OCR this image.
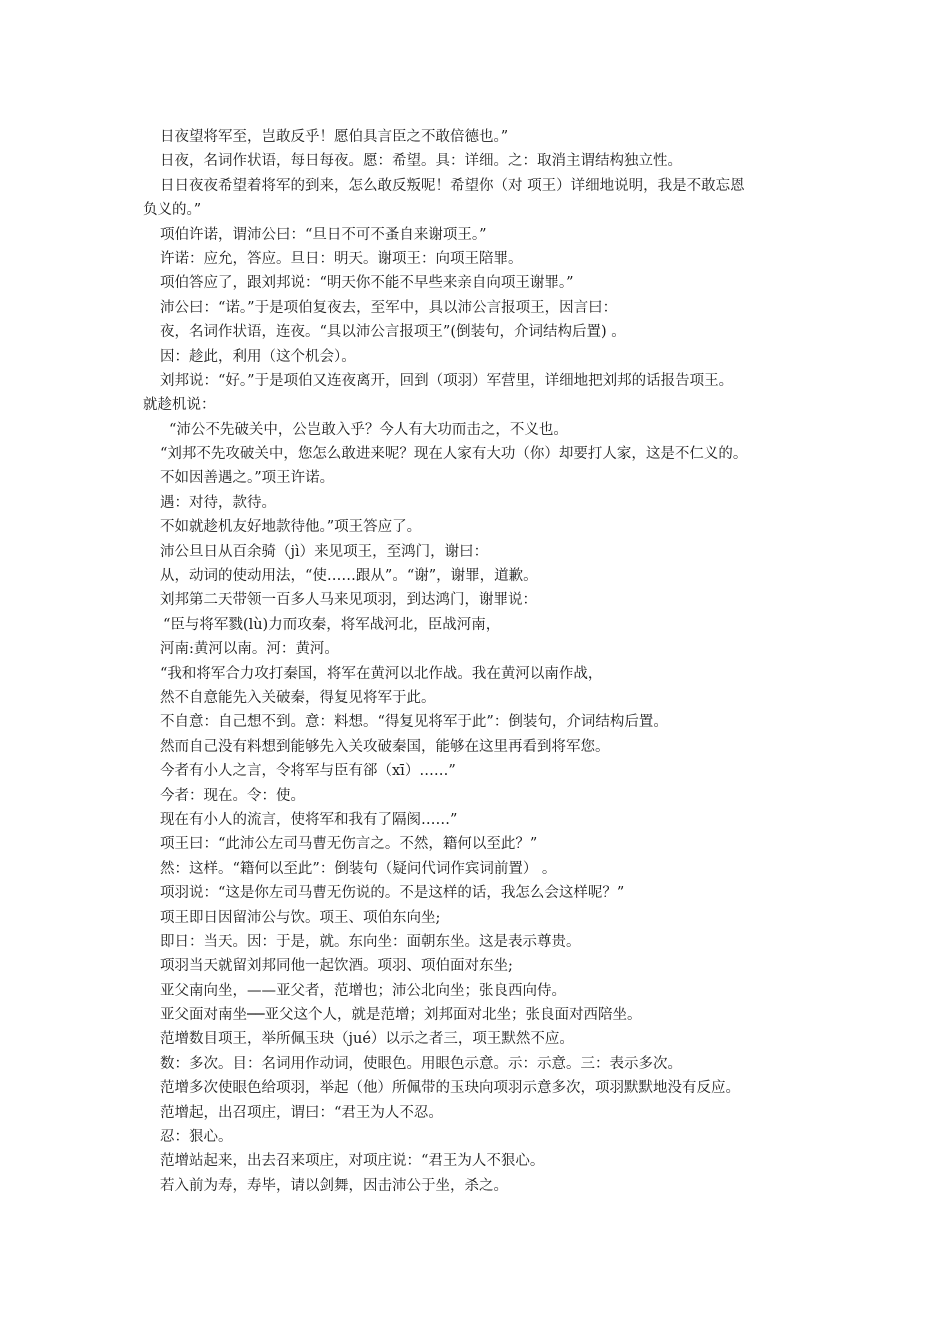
日夜望将军至，岂敢反乎！愿伯具言臣之不敢倍德也。”
日夜，名词作状语，每日每夜。愿：希望。具：详细。之：取消主谓结构独立性。
日日夜夜希望着将军的到来，怎么敢反叛呢！希望你（对 项王）详细地说明，我是不敢忘恩
负义的。”
项伯许诺，谓沛公曰：“旦日不可不蚤自来谢项王。”
许诺：应允，答应。旦日：明天。谢项王：向项王陪罪。
项伯答应了，跟刘邦说：“明天你不能不早些来亲自向项王谢罪。”
沛公曰：“诺。”于是项伯复夜去，至军中，具以沛公言报项王，因言曰：
夜，名词作状语，连夜。“具以沛公言报项王”(倒装句，介词结构后置) 。
因：趁此，利用（这个机会）。
刘邦说：“好。”于是项伯又连夜离开，回到（项羽）军营里，详细地把刘邦的话报告项王。
就趁机说：
“沛公不先破关中，公岂敢入乎？今人有大功而击之，不义也。
“刘邦不先攻破关中，您怎么敢进来呢？现在人家有大功（你）却要打人家，这是不仁义的。
不如因善遇之。”项王许诺。
遇：对待，款待。
不如就趁机友好地款待他。”项王答应了。
沛公旦日从百余骑（jì）来见项王，至鸿门，谢曰：
从，动词的使动用法，“使……跟从”。“谢”，谢罪，道歉。
刘邦第二天带领一百多人马来见项羽，到达鸿门，谢罪说：
“臣与将军戮(lù)力而攻秦，将军战河北，臣战河南，
河南:黄河以南。河：黄河。
“我和将军合力攻打秦国，将军在黄河以北作战。我在黄河以南作战，
然不自意能先入关破秦，得复见将军于此。
不自意：自己想不到。意：料想。“得复见将军于此”：倒装句，介词结构后置。
然而自己没有料想到能够先入关攻破秦国，能够在这里再看到将军您。
今者有小人之言，令将军与臣有郤（xī）……”
今者：现在。令：使。
现在有小人的流言，使将军和我有了隔阂……”
项王曰：“此沛公左司马曹无伤言之。不然，籍何以至此？”
然：这样。“籍何以至此”：倒装句（疑问代词作宾词前置） 。
项羽说：“这是你左司马曹无伤说的。不是这样的话，我怎么会这样呢？”
项王即日因留沛公与饮。项王、项伯东向坐;
即日：当天。因：于是，就。东向坐：面朝东坐。这是表示尊贵。
项羽当天就留刘邦同他一起饮酒。项羽、项伯面对东坐;
亚父南向坐，——亚父者，范增也；沛公北向坐；张良西向侍。
亚父面对南坐──亚父这个人，就是范增；刘邦面对北坐；张良面对西陪坐。
范增数目项王，举所佩玉玦（jué）以示之者三，项王默然不应。
数：多次。目：名词用作动词，使眼色。用眼色示意。示：示意。三：表示多次。
范增多次使眼色给项羽，举起（他）所佩带的玉玦向项羽示意多次，项羽默默地没有反应。
范增起，出召项庄，谓曰：“君王为人不忍。
忍：狠心。
范增站起来，出去召来项庄，对项庄说：“君王为人不狠心。
若入前为寿，寿毕，请以剑舞，因击沛公于坐，杀之。
